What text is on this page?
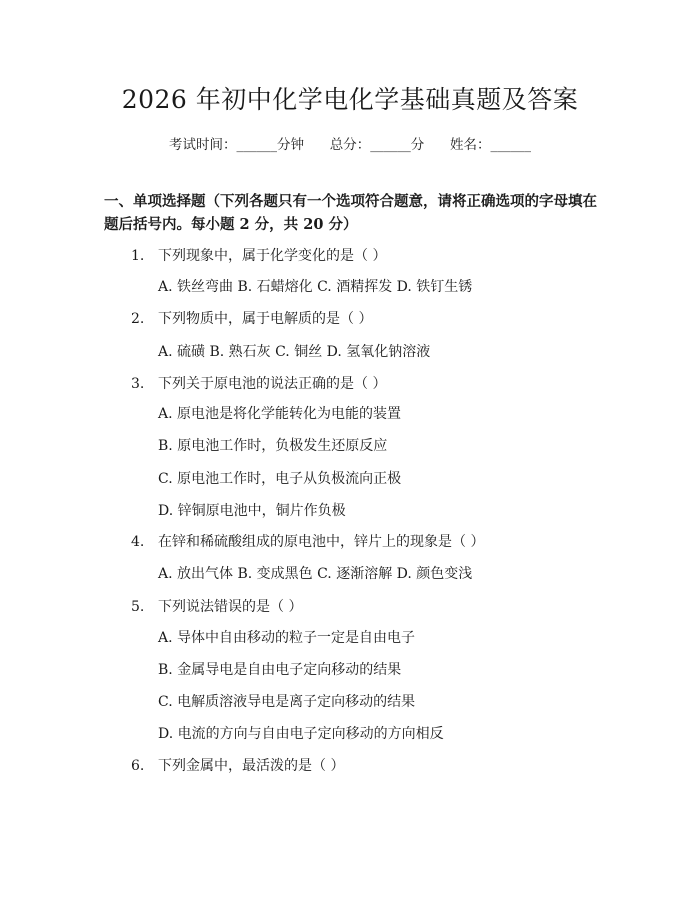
2026 年初中化学电化学基础真题及答案
考试时间：______分钟      总分：______分      姓名：______
一、单项选择题（下列各题只有一个选项符合题意，请将正确选项的字母填在题后括号内。每小题 2 分，共 20 分）
1. 下列现象中，属于化学变化的是（ ）
A. 铁丝弯曲 B. 石蜡熔化 C. 酒精挥发 D. 铁钉生锈
2. 下列物质中，属于电解质的是（ ）
A. 硫磺 B. 熟石灰 C. 铜丝 D. 氢氧化钠溶液
3. 下列关于原电池的说法正确的是（ ）
A. 原电池是将化学能转化为电能的装置
B. 原电池工作时，负极发生还原反应
C. 原电池工作时，电子从负极流向正极
D. 锌铜原电池中，铜片作负极
4. 在锌和稀硫酸组成的原电池中，锌片上的现象是（ ）
A. 放出气体 B. 变成黑色 C. 逐渐溶解 D. 颜色变浅
5. 下列说法错误的是（ ）
A. 导体中自由移动的粒子一定是自由电子
B. 金属导电是自由电子定向移动的结果
C. 电解质溶液导电是离子定向移动的结果
D. 电流的方向与自由电子定向移动的方向相反
6. 下列金属中，最活泼的是（ ）
